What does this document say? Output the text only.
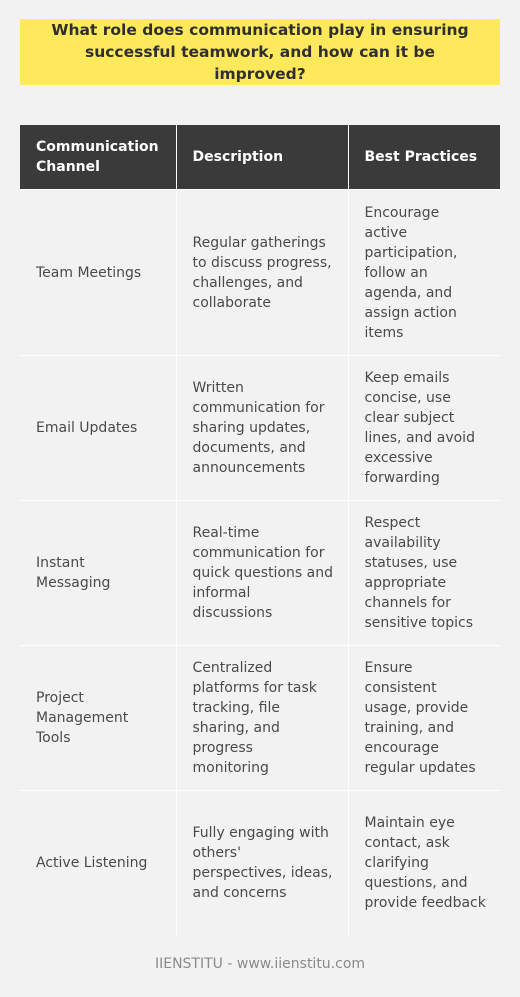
What role does communication play in ensuring successful teamwork, and how can it be improved?
Communication Channel	Description	Best Practices
Team Meetings	Regular gatherings to discuss progress, challenges, and collaborate	Encourage active participation, follow an agenda, and assign action items
Email Updates	Written communication for sharing updates, documents, and announcements	Keep emails concise, use clear subject lines, and avoid excessive forwarding
Instant Messaging	Real-time communication for quick questions and informal discussions	Respect availability statuses, use appropriate channels for sensitive topics
Project Management Tools	Centralized platforms for task tracking, file sharing, and progress monitoring	Ensure consistent usage, provide training, and encourage regular updates
Active Listening	Fully engaging with others' perspectives, ideas, and concerns	Maintain eye contact, ask clarifying questions, and provide feedback
IIENSTITU - www.iienstitu.com
